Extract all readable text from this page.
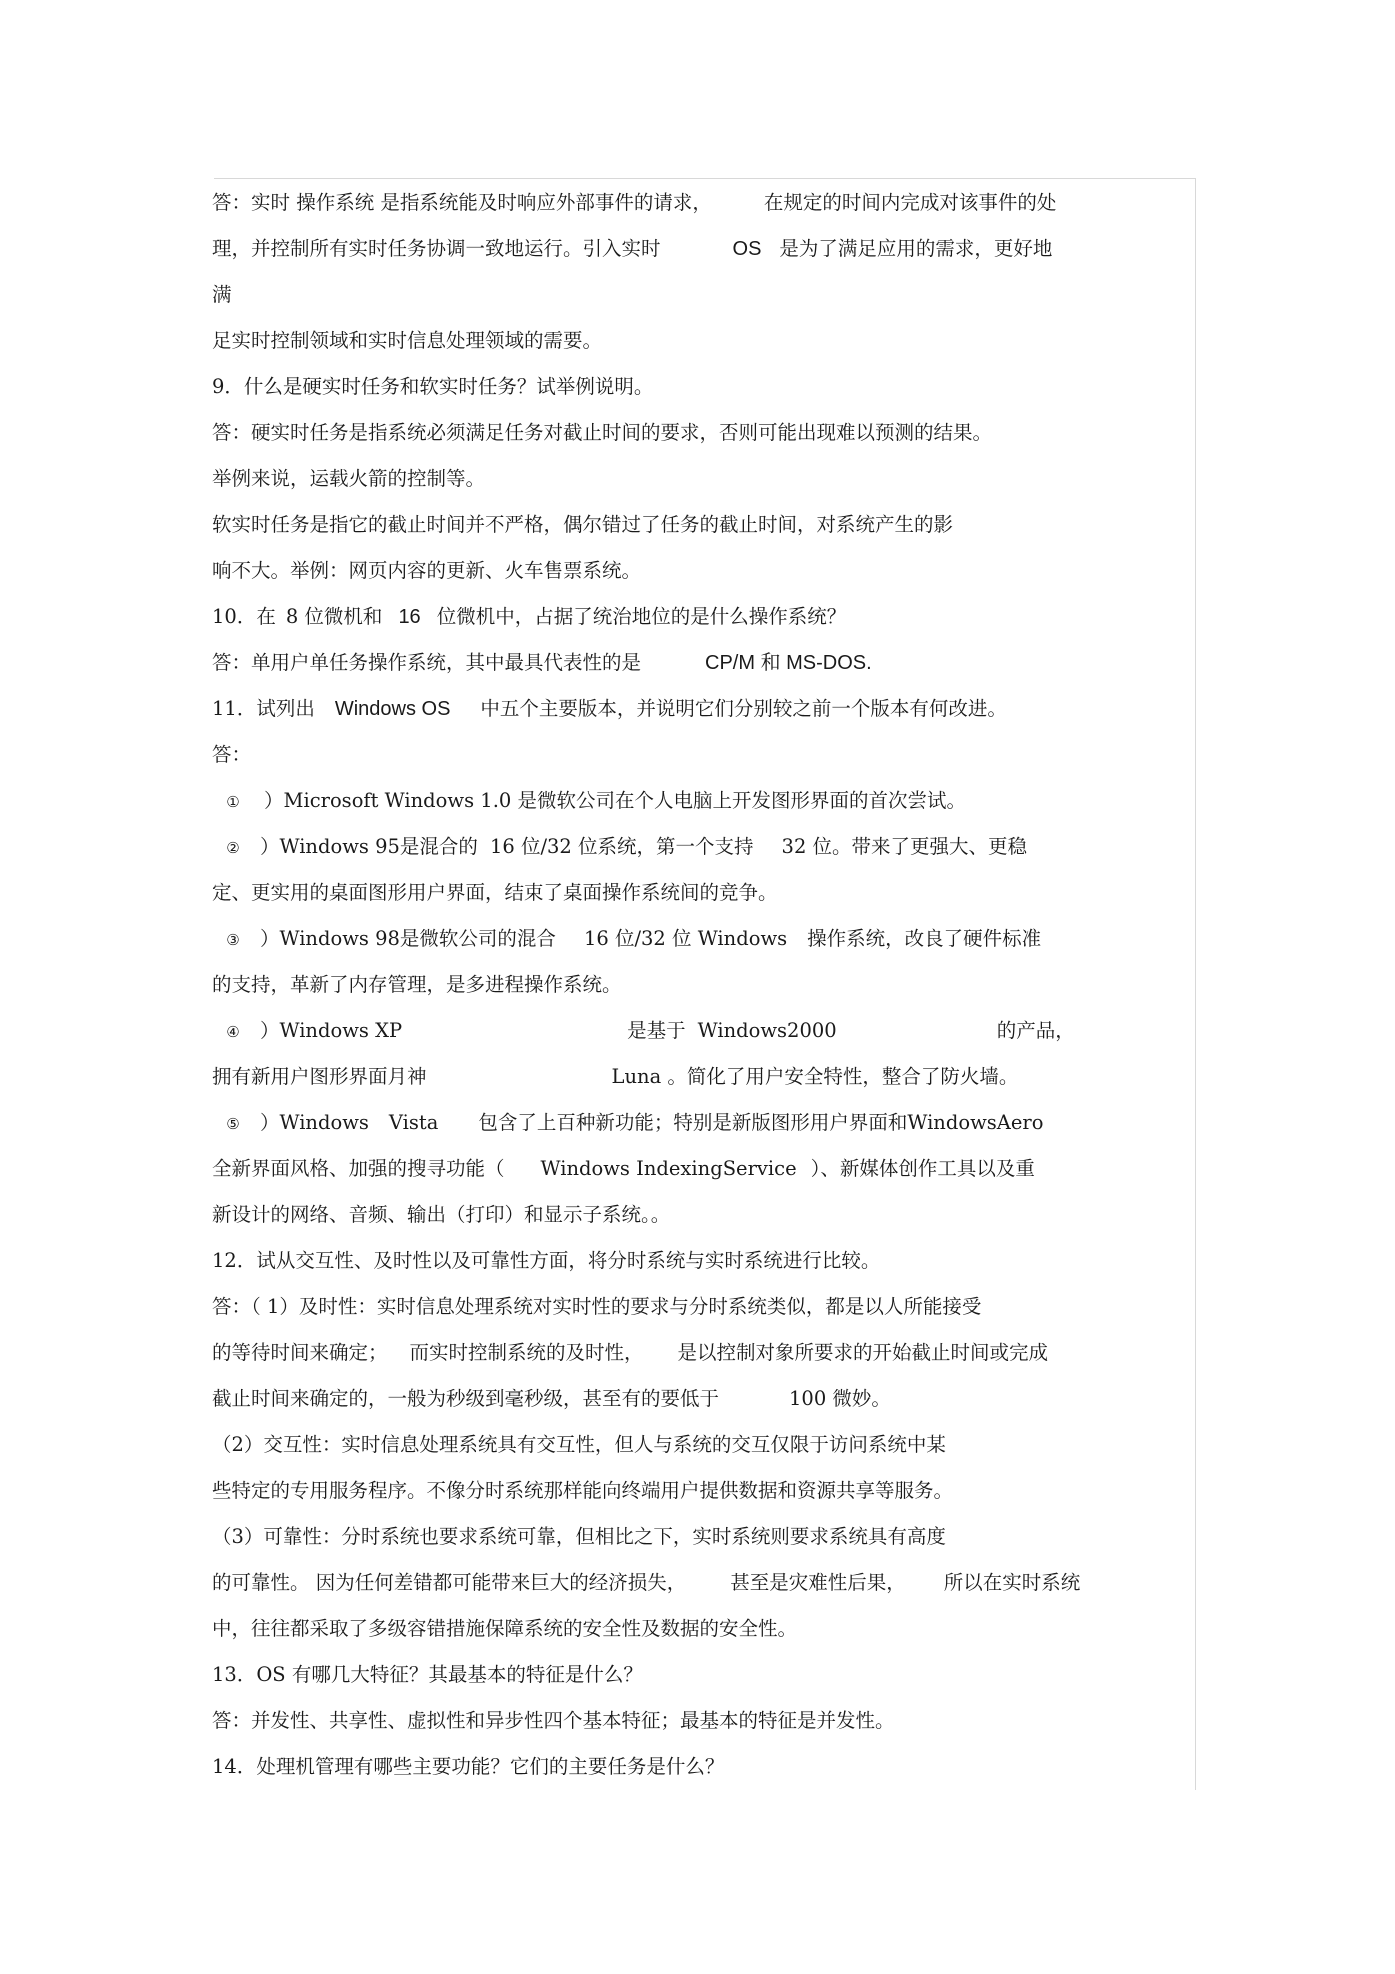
答：实时 操作系统 是指系统能及时响应外部事件的请求，	在规定的时间内完成对该事件的处
理，并控制所有实时任务协调一致地运行。引入实时	OS 是为了满足应用的需求，更好地
满
足实时控制领域和实时信息处理领域的需要。
9．什么是硬实时任务和软实时任务？试举例说明。
答：硬实时任务是指系统必须满足任务对截止时间的要求，否则可能出现难以预测的结果。
举例来说，运载火箭的控制等。
软实时任务是指它的截止时间并不严格，偶尔错过了任务的截止时间，对系统产生的影
响不大。举例：网页内容的更新、火车售票系统。
10．在 8 位微机和 16 位微机中，占据了统治地位的是什么操作系统？
答：单用户单任务操作系统，其中最具代表性的是	CP/M 和 MS-DOS.
11．试列出 Windows OS 中五个主要版本，并说明它们分别较之前一个版本有何改进。
答：
① ）Microsoft Windows 1.0 是微软公司在个人电脑上开发图形界面的首次尝试。
② ）Windows 95是混合的 16 位/32 位系统，第一个支持 32 位。带来了更强大、更稳
定、更实用的桌面图形用户界面，结束了桌面操作系统间的竞争。
③ ）Windows 98是微软公司的混合 16 位/32 位 Windows 操作系统，改良了硬件标准
的支持，革新了内存管理，是多进程操作系统。
④ ）Windows XP	是基于 Windows2000	的产品，
拥有新用户图形界面月神	Luna 。简化了用户安全特性，整合了防火墙。
⑤ ）Windows Vista 包含了上百种新功能；特别是新版图形用户界面和WindowsAero
全新界面风格、加强的搜寻功能（ Windows IndexingService ）、新媒体创作工具以及重
新设计的网络、音频、输出（打印）和显示子系统。。
12．试从交互性、及时性以及可靠性方面，将分时系统与实时系统进行比较。
答：（ 1）及时性：实时信息处理系统对实时性的要求与分时系统类似，都是以人所能接受
的等待时间来确定； 而实时控制系统的及时性， 是以控制对象所要求的开始截止时间或完成
截止时间来确定的，一般为秒级到毫秒级，甚至有的要低于	100 微妙。
（2）交互性：实时信息处理系统具有交互性，但人与系统的交互仅限于访问系统中某
些特定的专用服务程序。不像分时系统那样能向终端用户提供数据和资源共享等服务。
（3）可靠性：分时系统也要求系统可靠，但相比之下，实时系统则要求系统具有高度
的可靠性。 因为任何差错都可能带来巨大的经济损失， 甚至是灾难性后果， 所以在实时系统
中，往往都采取了多级容错措施保障系统的安全性及数据的安全性。
13．OS 有哪几大特征？其最基本的特征是什么？
答：并发性、共享性、虚拟性和异步性四个基本特征；最基本的特征是并发性。
14．处理机管理有哪些主要功能？它们的主要任务是什么？
